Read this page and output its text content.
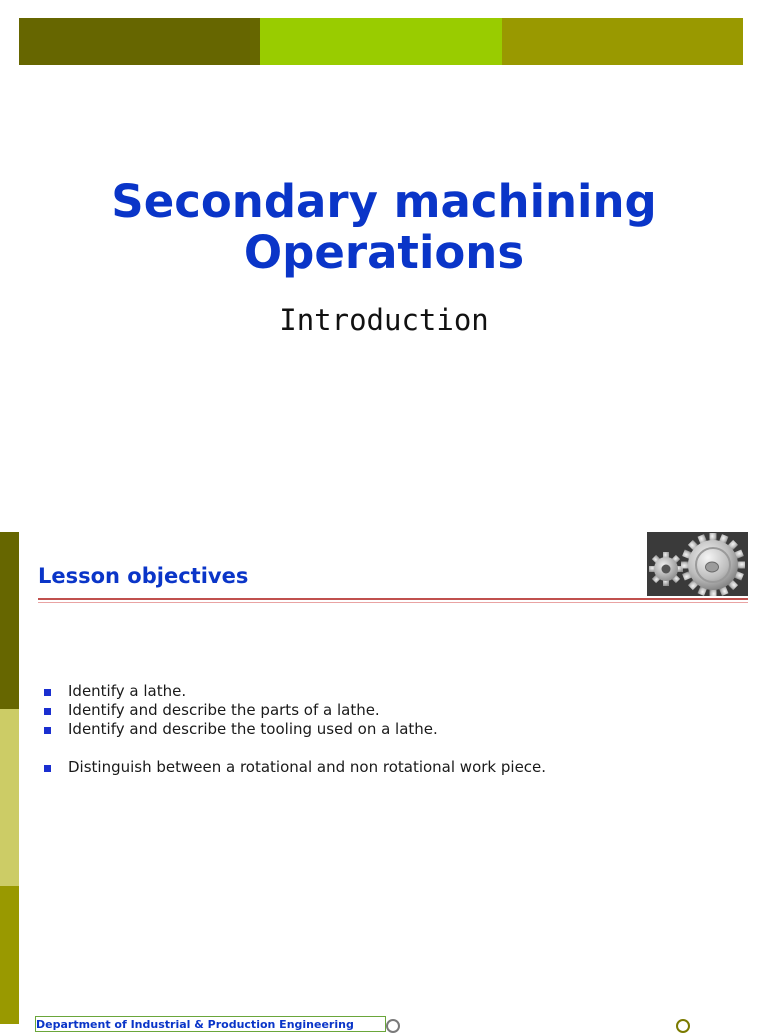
Secondary machining
Operations
Introduction
Lesson objectives
Identify a lathe.
Identify and describe the parts of a lathe.
Identify and describe the tooling used on a lathe.
Distinguish between a rotational and non rotational work piece.
Department of Industrial & Production Engineering
